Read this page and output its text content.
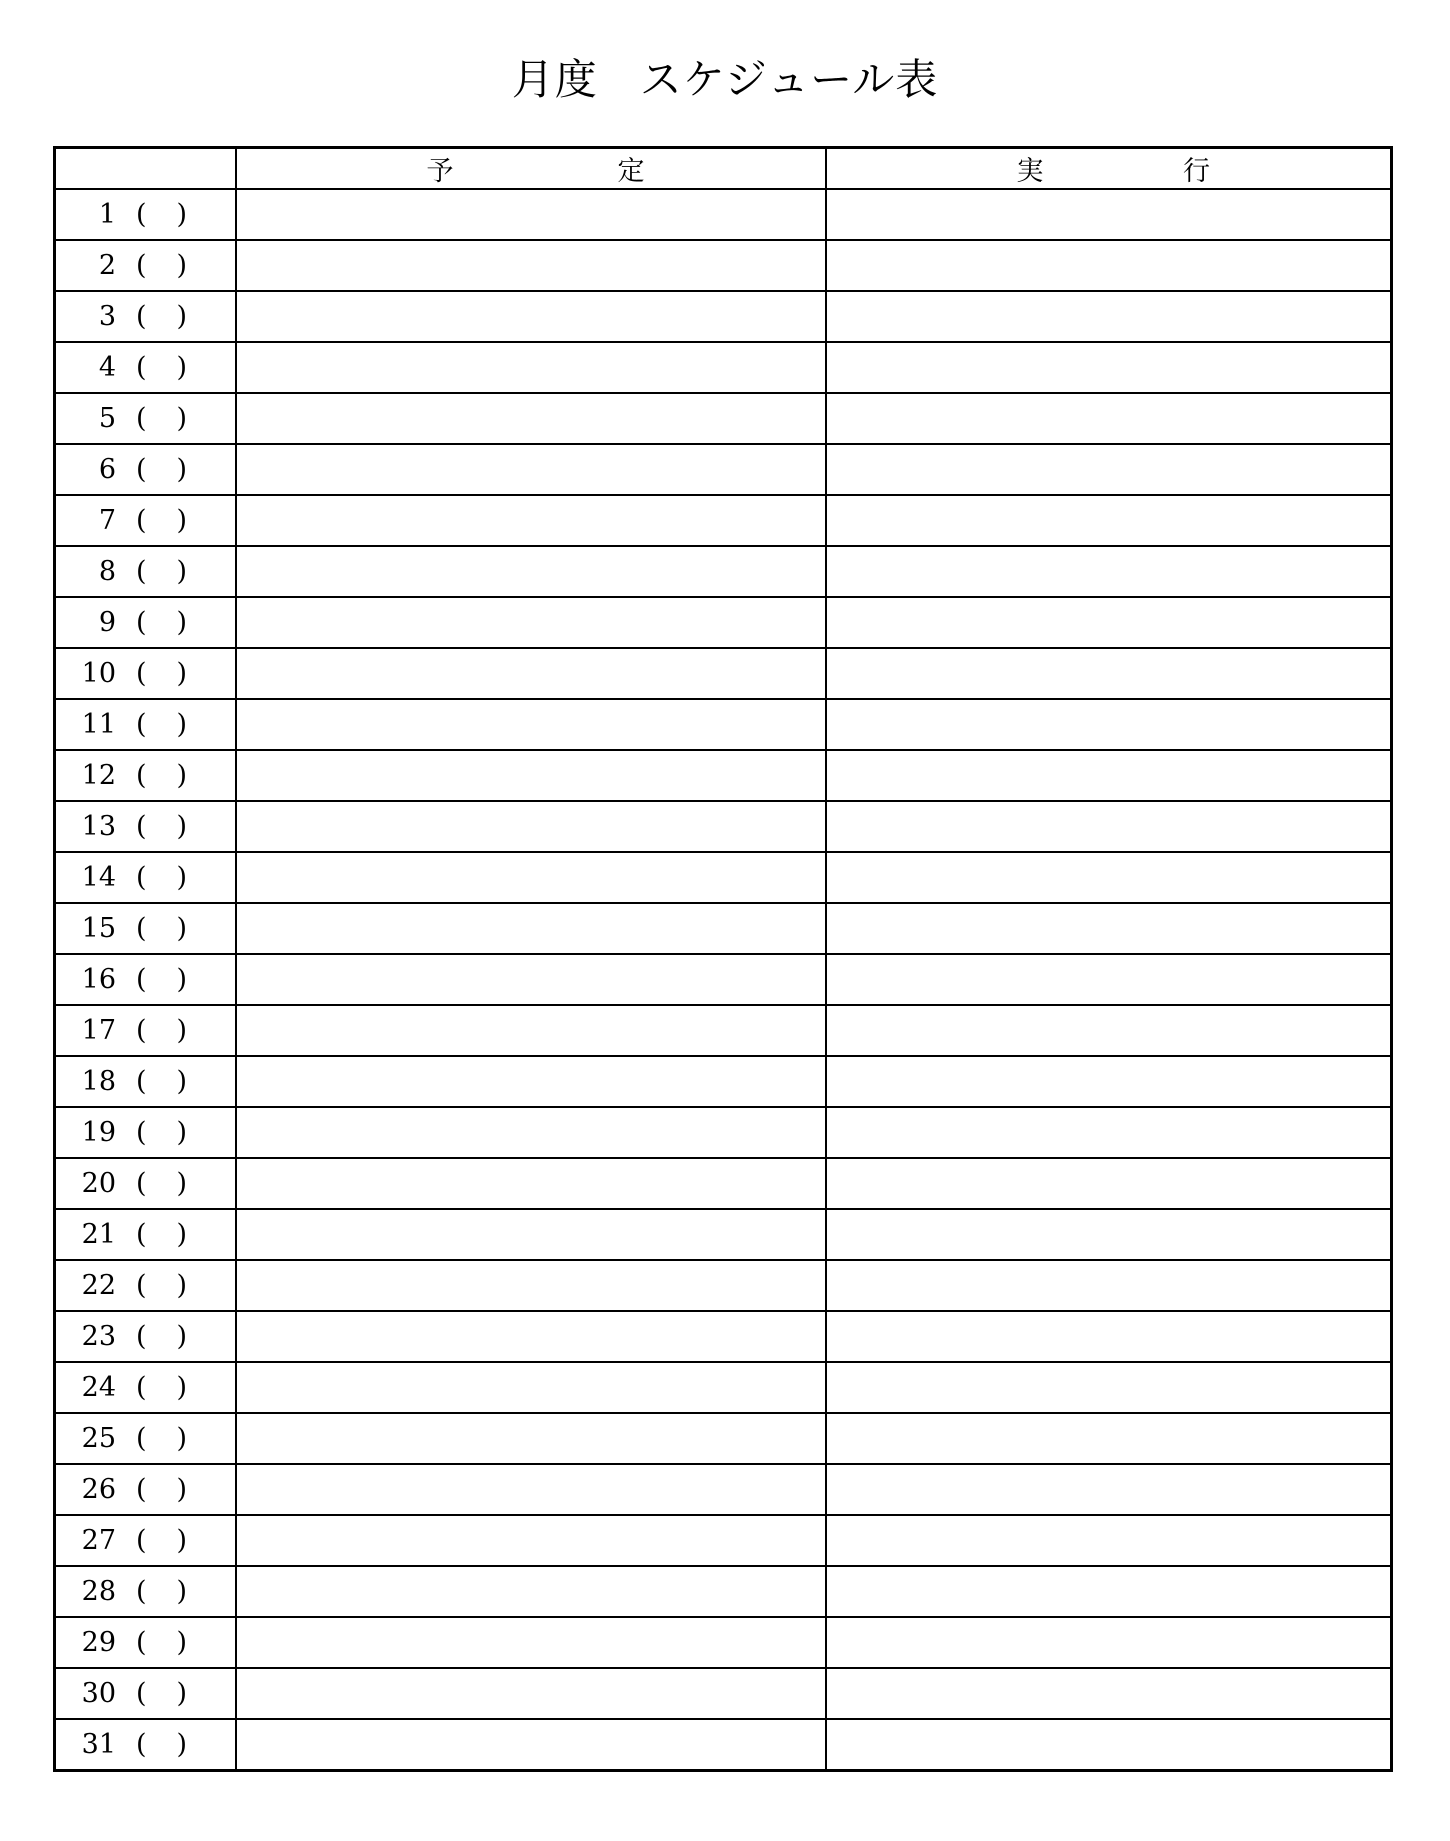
月度 スケジュール表

	予 定	実 行

1 ( )		

2 ( )		

3 ( )		

4 ( )		

5 ( )		

6 ( )		

7 ( )		

8 ( )		

9 ( )		

10 ( )		

11 ( )		

12 ( )		

13 ( )		

14 ( )		

15 ( )		

16 ( )		

17 ( )		

18 ( )		

19 ( )		

20 ( )		

21 ( )		

22 ( )		

23 ( )		

24 ( )		

25 ( )		

26 ( )		

27 ( )		

28 ( )		

29 ( )		

30 ( )		

31 ( )		
